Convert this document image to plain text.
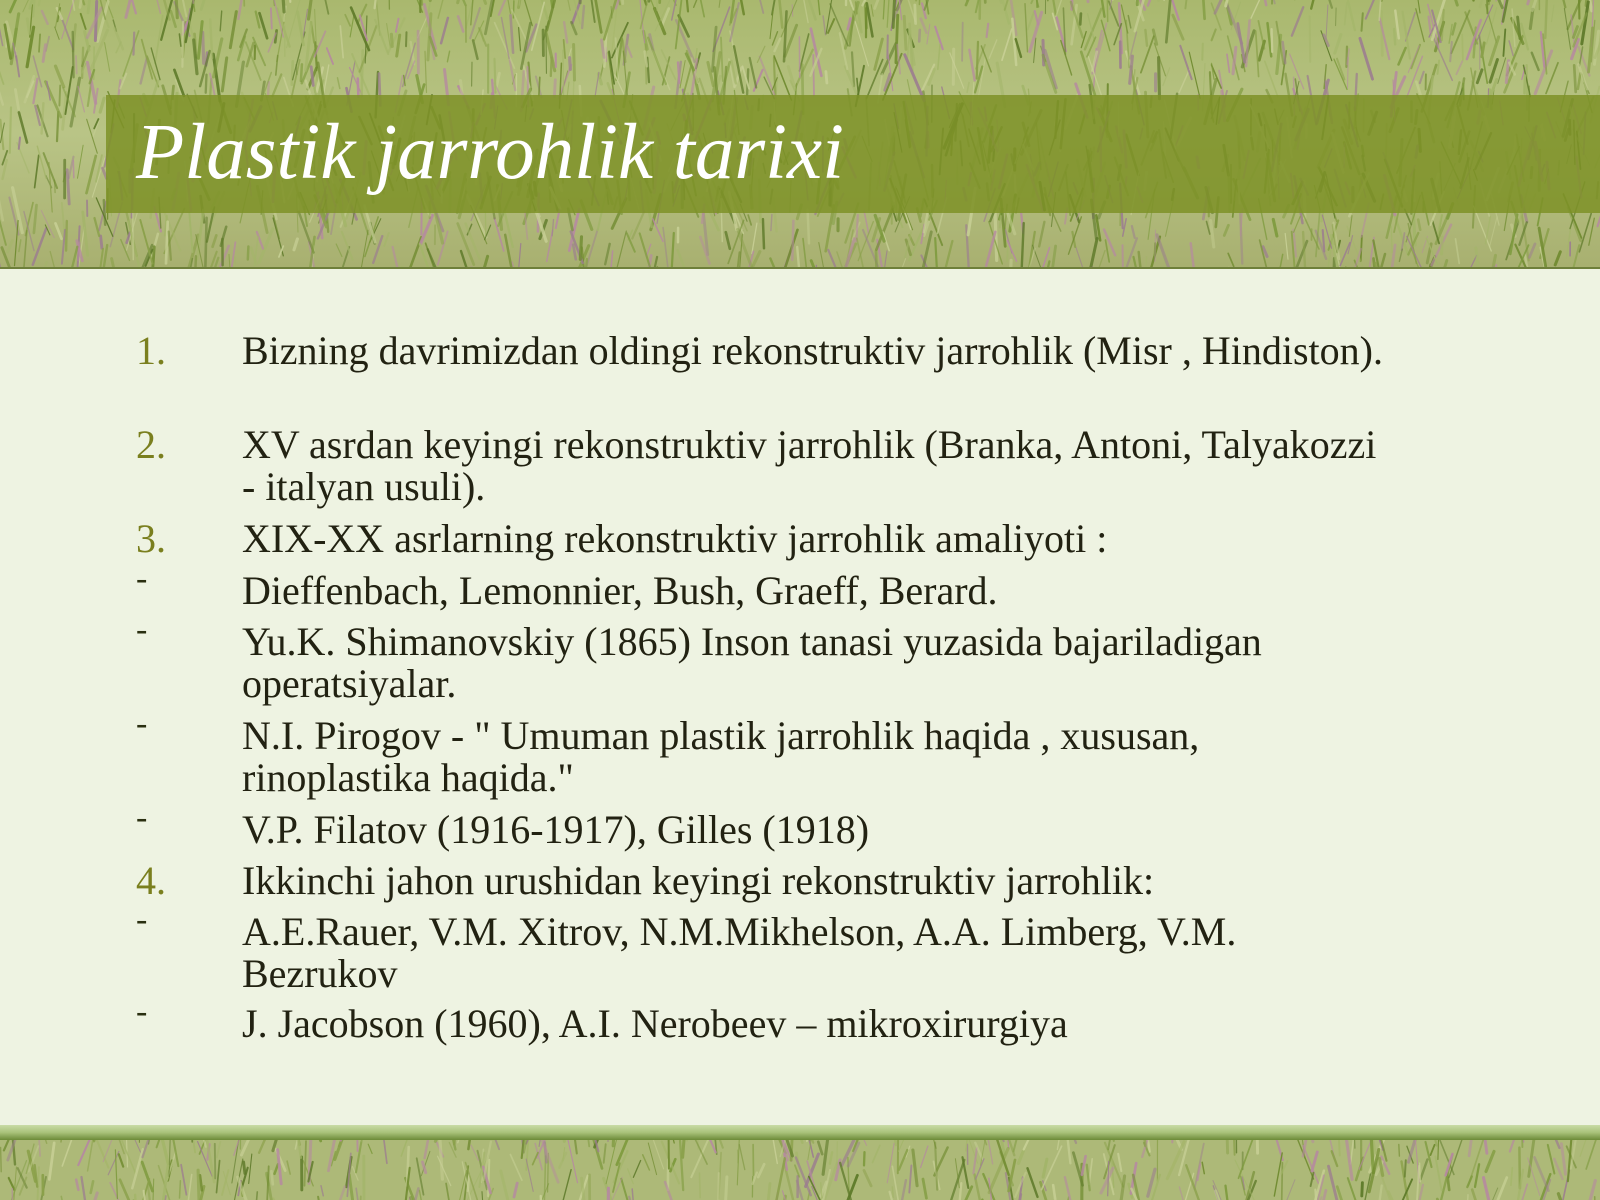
Plastik jarrohlik tarixi
1. Bizning davrimizdan oldingi rekonstruktiv jarrohlik (Misr , Hindiston).
2. XV asrdan keyingi rekonstruktiv jarrohlik (Branka, Antoni, Talyakozzi - italyan usuli).
3. XIX-XX asrlarning rekonstruktiv jarrohlik amaliyoti :
- Dieffenbach, Lemonnier, Bush, Graeff, Berard.
- Yu.K. Shimanovskiy (1865) Inson tanasi yuzasida bajariladigan operatsiyalar.
- N.I. Pirogov - " Umuman plastik jarrohlik haqida , xususan, rinoplastika haqida."
- V.P. Filatov (1916-1917), Gilles (1918)
4. Ikkinchi jahon urushidan keyingi rekonstruktiv jarrohlik:
- A.E.Rauer, V.M. Xitrov, N.M.Mikhelson, A.A. Limberg, V.M. Bezrukov
- J. Jacobson (1960), A.I. Nerobeev – mikroxirurgiya
